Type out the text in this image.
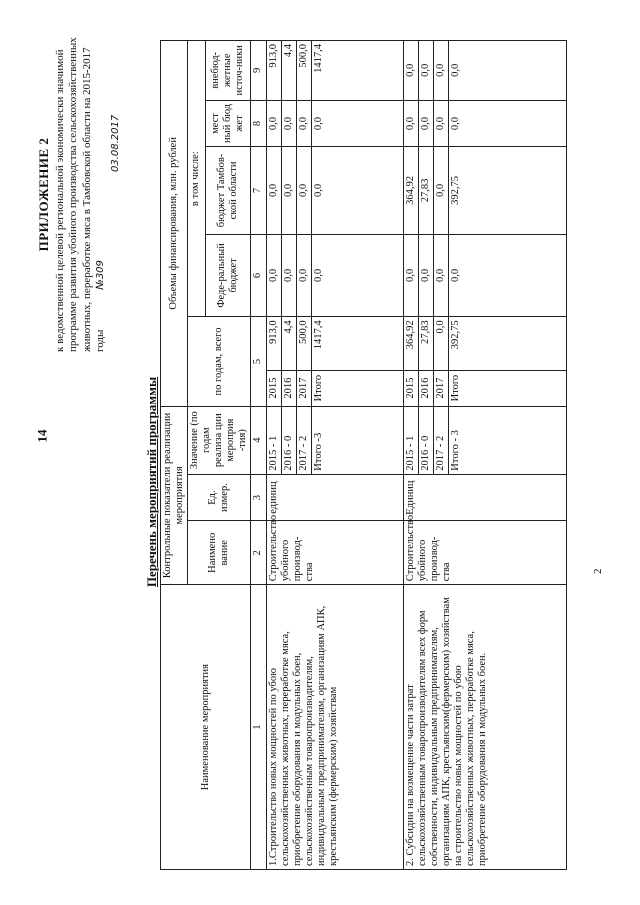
14
ПРИЛОЖЕНИЕ 2 к ведомственной целевой региональной экономически значимой программе развития убойного производства сельскохозяйственных животных, переработке мяса в Тамбовской области на 2015-2017 годы№309
03.08.2017
Перечень мероприятий программы
Наименование мероприятия	Контрольные показатели реализации мероприятия			Объемы финансирования, млн. рублей					
	Наимено вание	Ед. измер.	Значение (по годам реализа ции мероприя -тия)	по годам, всего		в том числе:			
						Феде-ральный бюджет	бюджет Тамбов-ской области	мест ный бюд жет	внебюд-жетные источ-ники
1	2	3	4	5		6	7	8	9
1.Строительство новых мощностей по убою сельскохозяйственных животных, переработке мяса, приобретение оборудования и модульных боен, сельскохозяйственным товаропроизводителям, индивидуальным предпринимателям, организациям АПК, крестьянским (фермерским) хозяйствам	Строительство убойного производ-ства	единиц	2015 - 1	2015	913,0	0,0	0,0	0,0	913,0
			2016 - 0	2016	4,4	0,0	0,0	0,0	4,4
			2017 - 2	2017	500,0	0,0	0,0	0,0	500,0
			Итого -3	Итого	1417,4	0,0	0,0	0,0	1417,4
2. Субсидии на возмещение части затрат сельскохозяйственным товаропроизводителям всех форм собственности, индивидуальным предпринимателям, организациям АПК, крестьянским(фермерским) хозяйствам на строительство новых мощностей по убою сельскохозяйственных животных, переработке мяса, приобретение оборудования и модульных боен.	Строительство убойного производ-ства	Единиц	2015 - 1	2015	364,92	0,0	364,92	0,0	0,0
			2016 - 0	2016	27,83	0,0	27,83	0,0	0,0
			2017 - 2	2017	0,0	0,0	0,0	0,0	0,0
			Итого - 3	Итого	392,75	0,0	392,75	0,0	0,0
2
